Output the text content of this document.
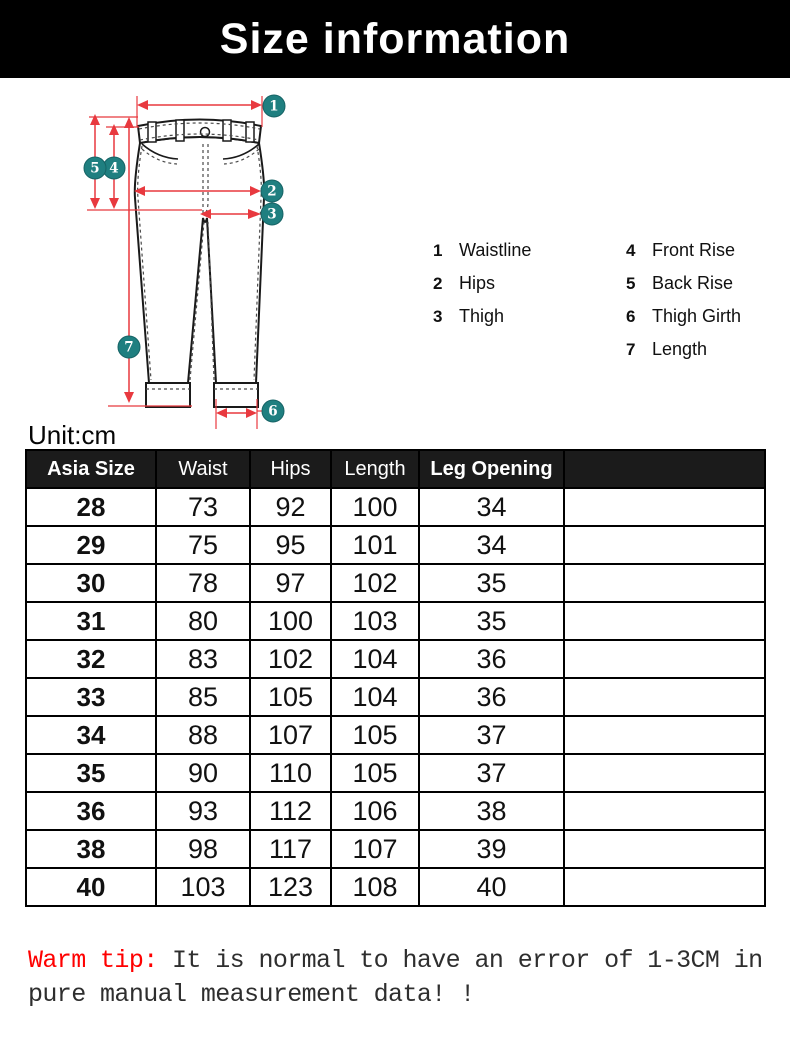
Size information
1
2
3
4
5
6
7
1 Waistline
2 Hips
3 Thigh
4 Front Rise
5 Back Rise
6 Thigh Girth
7 Length
Unit:cm
Asia Size	Waist	Hips	Length	Leg Opening	
28	73	92	100	34	
29	75	95	101	34	
30	78	97	102	35	
31	80	100	103	35	
32	83	102	104	36	
33	85	105	104	36	
34	88	107	105	37	
35	90	110	105	37	
36	93	112	106	38	
38	98	117	107	39	
40	103	123	108	40	

Warm tip: It is normal to have an error of 1-3CM in
pure manual measurement data! !
